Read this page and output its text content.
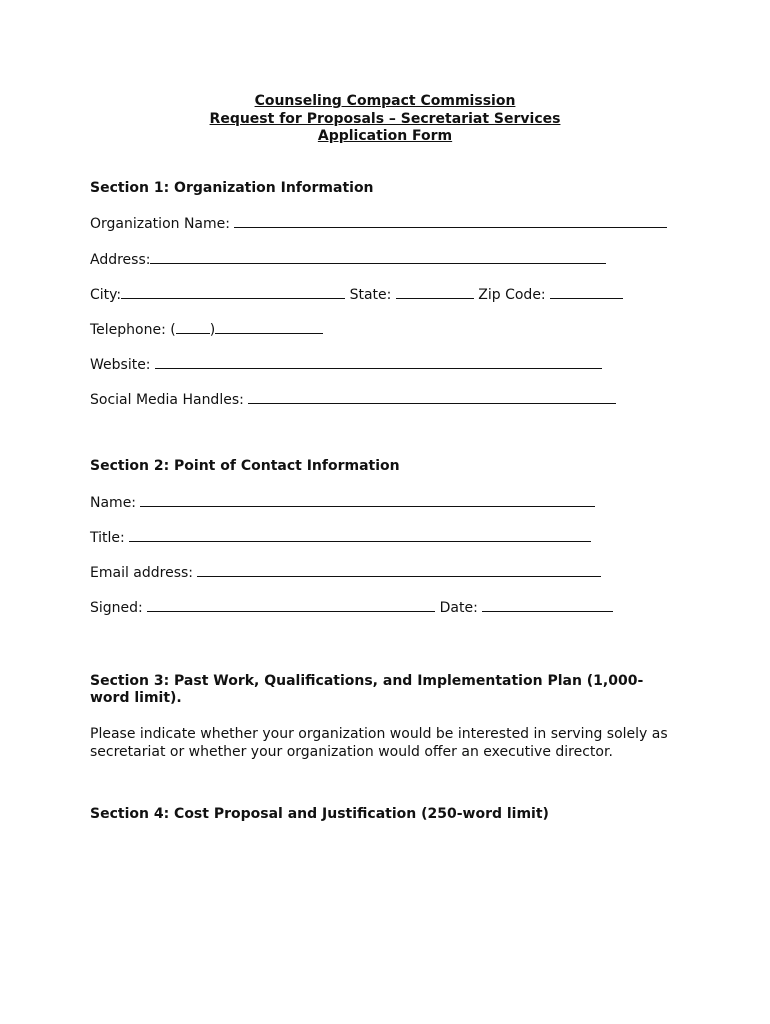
Counseling Compact Commission
Request for Proposals – Secretariat Services
Application Form
Section 1: Organization Information
Organization Name:
Address:
City:	State:	Zip Code:
Telephone: ( )
Website:
Social Media Handles:
Section 2: Point of Contact Information
Name:
Title:
Email address:
Signed:	Date:
Section 3: Past Work, Qualifications, and Implementation Plan (1,000-word limit).
Please indicate whether your organization would be interested in serving solely as secretariat or whether your organization would offer an executive director.
Section 4: Cost Proposal and Justification (250-word limit)
